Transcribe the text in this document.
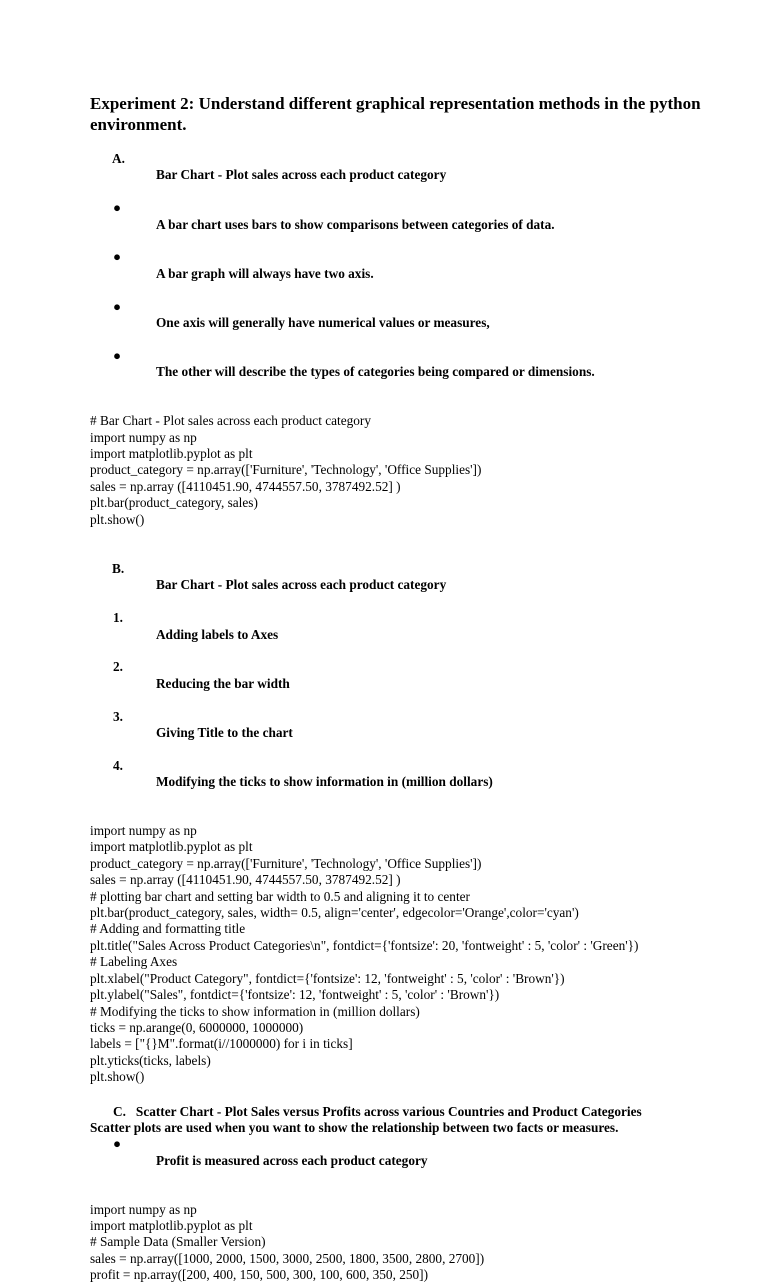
Experiment 2: Understand different graphical representation methods in the python environment.

A.
Bar Chart - Plot sales across each product category

●
A bar chart uses bars to show comparisons between categories of data.

●
A bar graph will always have two axis.

●
One axis will generally have numerical values or measures,

●
The other will describe the types of categories being compared or dimensions.

# Bar Chart - Plot sales across each product category
import numpy as np
import matplotlib.pyplot as plt
product_category = np.array(['Furniture', 'Technology', 'Office Supplies'])
sales = np.array ([4110451.90, 4744557.50, 3787492.52] )
plt.bar(product_category, sales)
plt.show()

B.
Bar Chart - Plot sales across each product category

1.
Adding labels to Axes

2.
Reducing the bar width

3.
Giving Title to the chart

4.
Modifying the ticks to show information in (million dollars)

import numpy as np
import matplotlib.pyplot as plt
product_category = np.array(['Furniture', 'Technology', 'Office Supplies'])
sales = np.array ([4110451.90, 4744557.50, 3787492.52] )
# plotting bar chart and setting bar width to 0.5 and aligning it to center
plt.bar(product_category, sales, width= 0.5, align='center', edgecolor='Orange',color='cyan')
# Adding and formatting title
plt.title("Sales Across Product Categories\n", fontdict={'fontsize': 20, 'fontweight' : 5, 'color' : 'Green'})
# Labeling Axes
plt.xlabel("Product Category", fontdict={'fontsize': 12, 'fontweight' : 5, 'color' : 'Brown'})
plt.ylabel("Sales", fontdict={'fontsize': 12, 'fontweight' : 5, 'color' : 'Brown'})
# Modifying the ticks to show information in (million dollars)
ticks = np.arange(0, 6000000, 1000000)
labels = ["{}M".format(i//1000000) for i in ticks]
plt.yticks(ticks, labels)
plt.show()
C. Scatter Chart - Plot Sales versus Profits across various Countries and Product Categories
Scatter plots are used when you want to show the relationship between two facts or measures.

●
Profit is measured across each product category

import numpy as np
import matplotlib.pyplot as plt
# Sample Data (Smaller Version)
sales = np.array([1000, 2000, 1500, 3000, 2500, 1800, 3500, 2800, 2700])
profit = np.array([200, 400, 150, 500, 300, 100, 600, 350, 250])
